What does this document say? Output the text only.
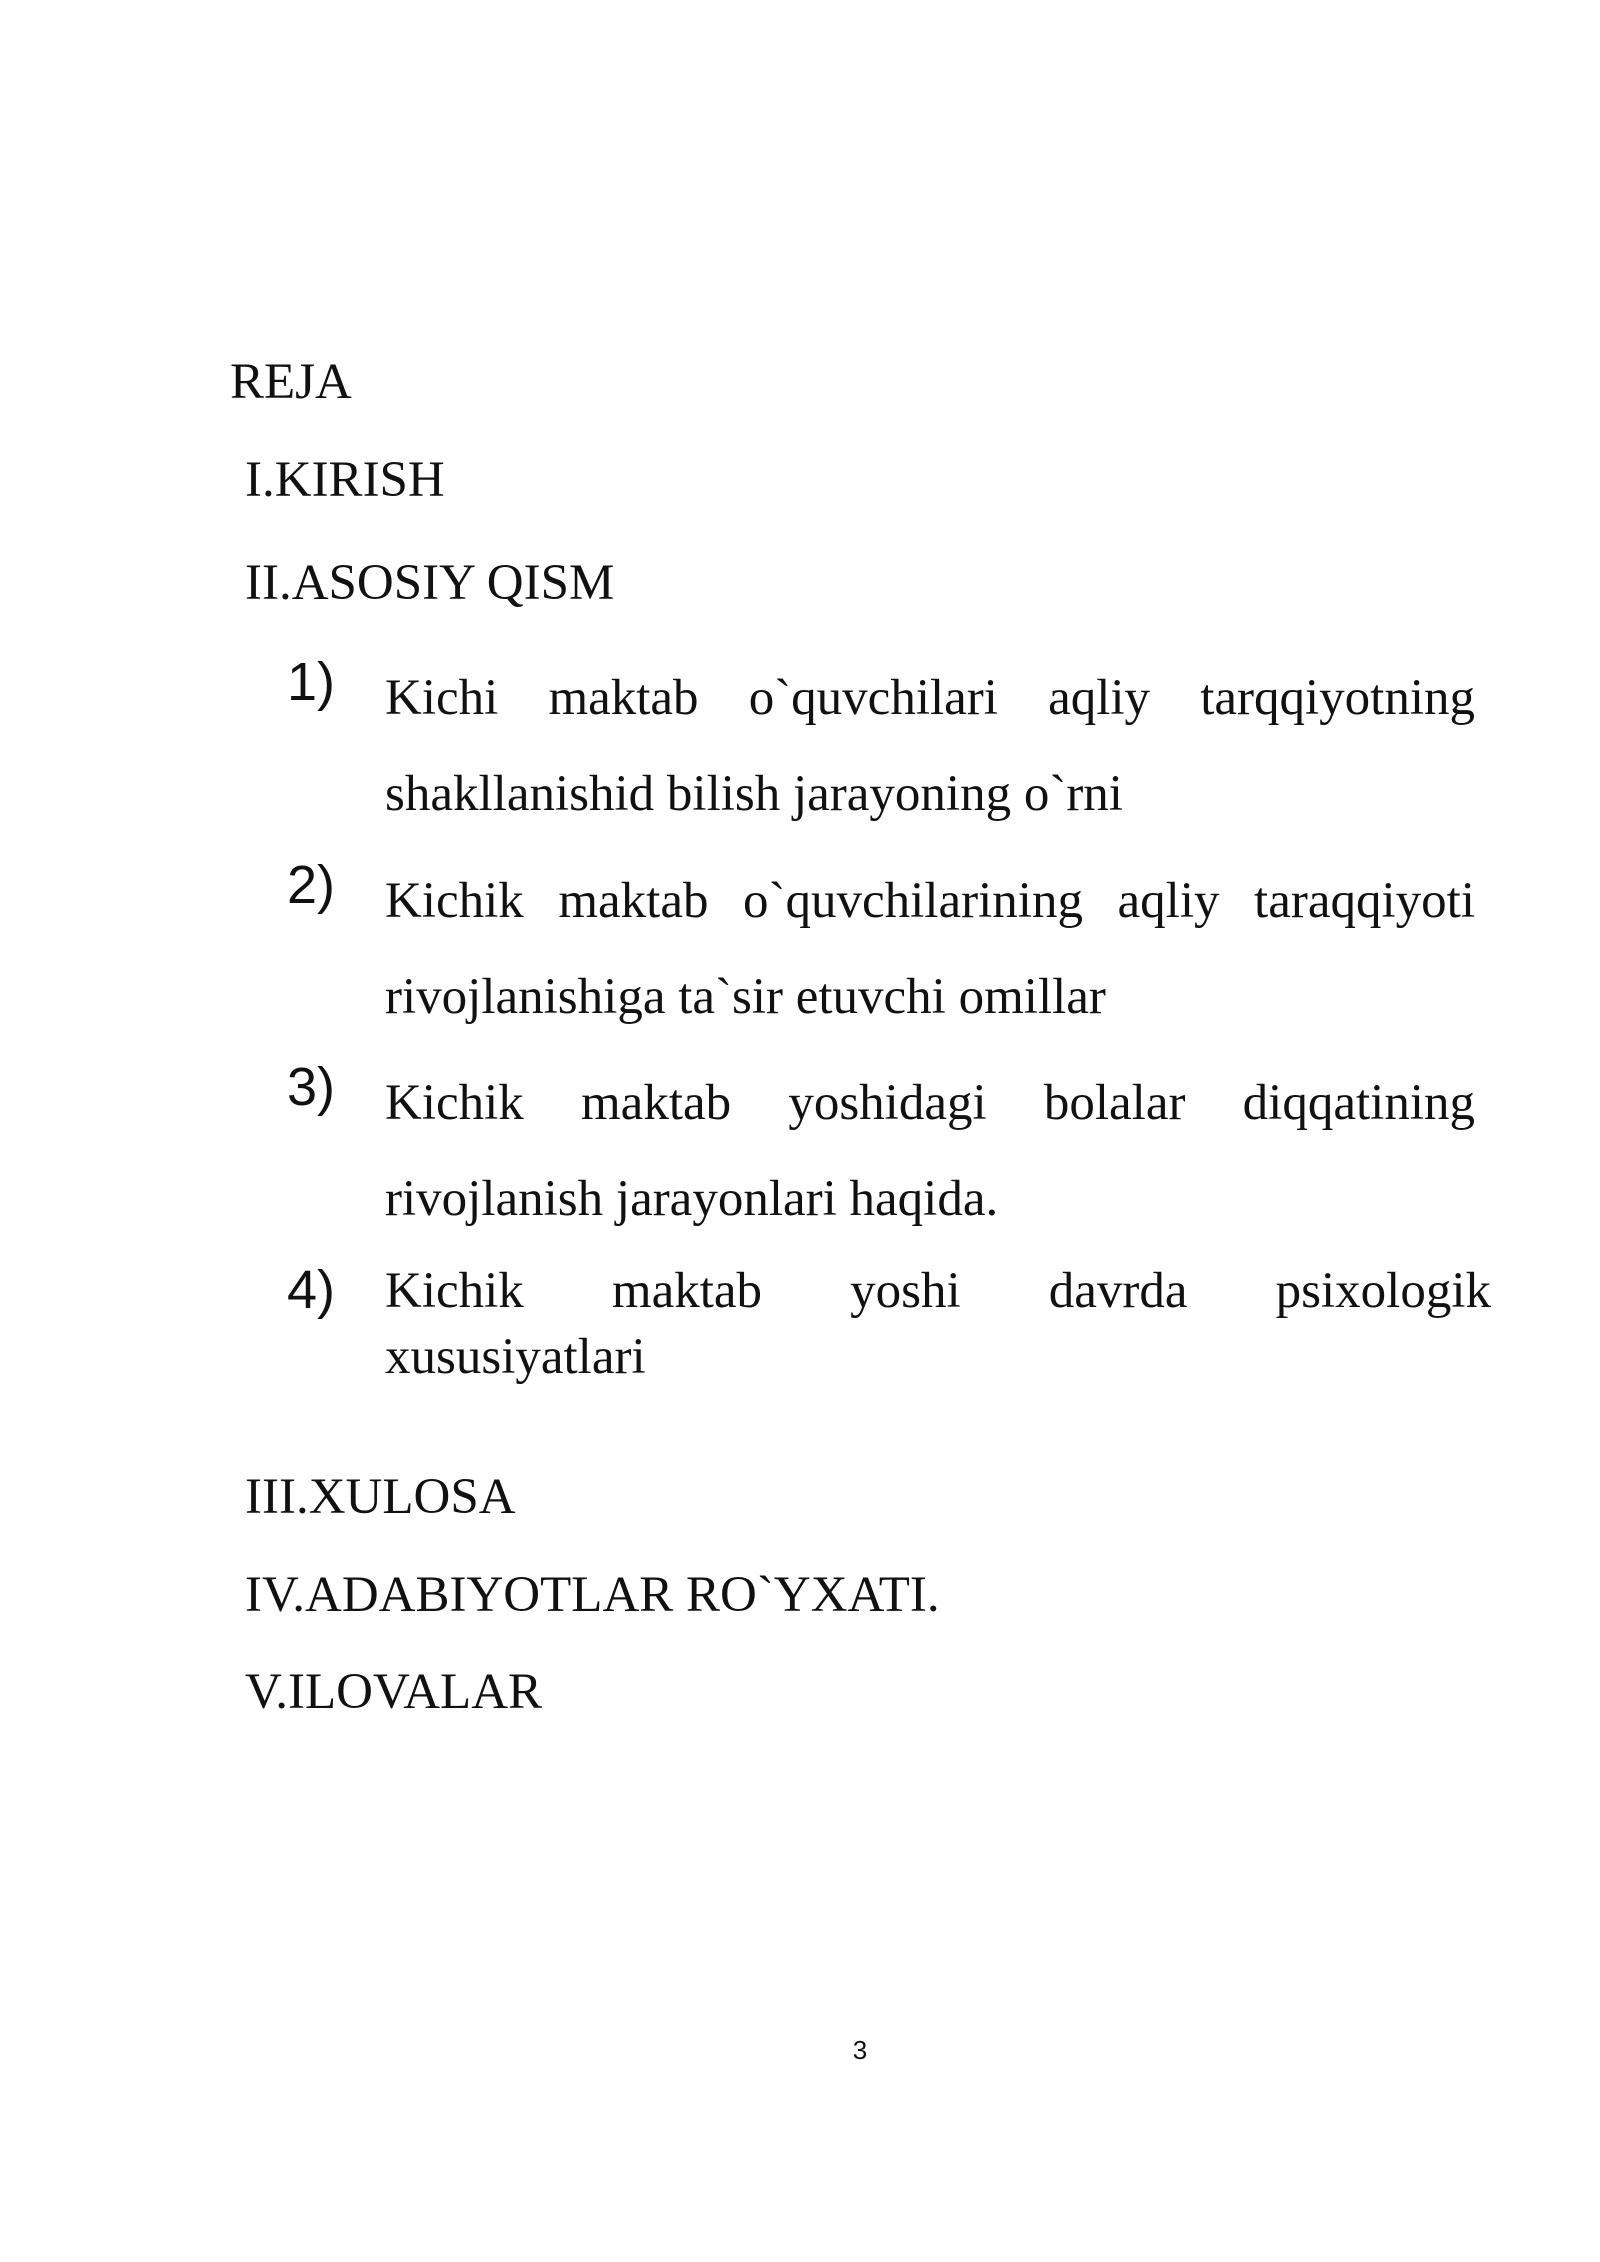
REJA
I.KIRISH
II.ASOSIY QISM
1) Kichi maktab o`quvchilari aqliy tarqqiyotning shakllanishid bilish jarayoning o`rni
2) Kichik maktab o`quvchilarining aqliy taraqqiyoti rivojlanishiga ta`sir etuvchi omillar
3) Kichik maktab yoshidagi bolalar diqqatining rivojlanish jarayonlari haqida.
4) Kichik maktab yoshi davrda psixologik
xususiyatlari
III.XULOSA
IV.ADABIYOTLAR RO`YXATI.
V.ILOVALAR
3
